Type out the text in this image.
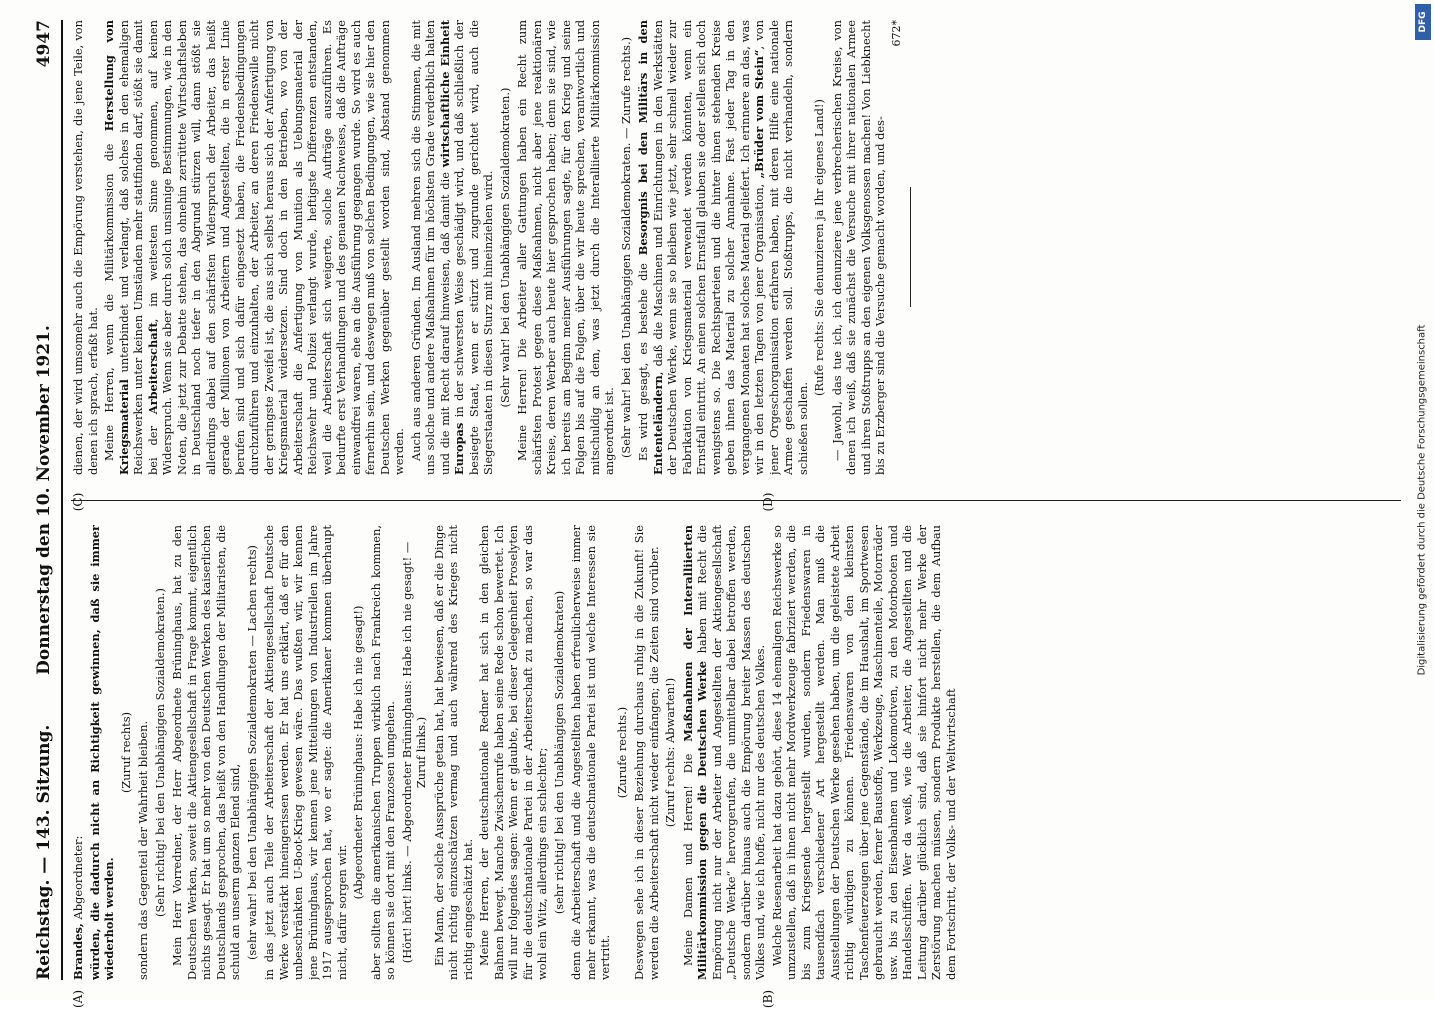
Reichstag. — 143. Sitzung.
Donnerstag den 10. November 1921.
4947

Brandes, Abgeordneter: würden, die dadurch nicht an Richtigkeit gewinnen, daß sie immer wiederholt werden.

(Zuruf rechts) sondern das Gegenteil der Wahrheit bleiben. (Sehr richtig! bei den Unabhängigen Sozialdemokraten.) Mein Herr Vorredner, der Herr Abgeordnete Brüninghaus, hat zu den Deutschen Werken, soweit die Aktiengesellschaft in Frage kommt, eigentlich nichts gesagt. Er hat um so mehr von den Deutschen Werken des kaiserlichen Deutschlands gesprochen, das heißt von den Handlungen der Militaristen, die schuld an unserm ganzen Elend sind, (sehr wahr! bei den Unabhängigen Sozialdemokraten — Lachen rechts) in das jetzt auch Teile der Arbeiterschaft der Aktiengesellschaft Deutsche Werke verstärkt hineingerissen werden. Er hat uns erklärt, daß er für den unbeschränkten U-Boot-Krieg gewesen wäre. Das wußten wir, wir kennen jene Brüninghaus, wir kennen jene Mitteilungen von Industriellen im Jahre 1917 ausgesprochen hat, wo er sagte: die Amerikaner kommen überhaupt nicht, dafür sorgen wir.

(Abgeordneter Brüninghaus: Habe ich nie gesagt!) aber sollten die amerikanischen Truppen wirklich nach Frankreich kommen, so können sie dort mit den Franzosen umgehen. (Hört! hört! links. — Abgeordneter Brüninghaus: Habe ich nie gesagt! — Zuruf links.) Ein Mann, der solche Aussprüche getan hat, hat bewiesen, daß er die Dinge nicht richtig einzuschätzen vermag und auch während des Krieges nicht richtig eingeschätzt hat. Meine Herren, der deutschnationale Redner hat sich in den gleichen Bahnen bewegt. Manche Zwischenrufe haben seine Rede schon bewertet. Ich will nur folgendes sagen: Wenn er glaubte, bei dieser Gelegenheit Proselyten für die deutschnationale Partei in der Arbeiterschaft zu machen, so war das wohl ein Witz, allerdings ein schlechter; (sehr richtig! bei den Unabhängigen Sozialdemokraten) denn die Arbeiterschaft und die Angestellten haben erfreulicherweise immer mehr erkannt, was die deutschnationale Partei ist und welche Interessen sie vertritt.

(Zurufe rechts.) Deswegen sehe ich in dieser Beziehung durchaus ruhig in die Zukunft! Sie werden die Arbeiterschaft nicht wieder einfangen; die Zeiten sind vorüber. (Zuruf rechts: Abwarten!)

Meine Damen und Herren! Die Maßnahmen der Interalliierten Militärkommission gegen die Deutschen Werke haben mit Recht die Empörung nicht nur der Arbeiter und Angestellten der Aktiengesellschaft „Deutsche Werke“ hervorgerufen, die unmittelbar dabei betroffen werden, sondern darüber hinaus auch die Empörung breiter Massen des deutschen Volkes und, wie ich hoffe, nicht nur des deutschen Volkes. Welche Riesenarbeit hat dazu gehört, diese 14 ehemaligen Reichswerke so umzustellen, daß in ihnen nicht mehr Mordwerkzeuge fabriziert werden, die bis zum Kriegsende hergestellt wurden, sondern Friedenswaren in tausendfach verschiedener Art hergestellt werden. Man muß die Ausstellungen der Deutschen Werke gesehen haben, um die geleistete Arbeit richtig würdigen zu können. Friedenswaren von den kleinsten Taschenfeuerzeugen über jene Gegenstände, die im Haushalt, im Sportwesen gebraucht werden, ferner Baustoffe, Werkzeuge, Maschinenteile, Motorräder usw. bis zu den Eisenbahnen und Lokomotiven, zu den Motorbooten und Handelsschiffen. Wer da weiß, wie die Arbeiter, die Angestellten und die Leitung darüber glücklich sind, daß sie hinfort nicht mehr Werke der Zerstörung machen müssen, sondern Produkte herstellen, die dem Aufbau dem Fortschritt, der Volks- und der Weltwirtschaft

dienen, der wird umsomehr auch die Empörung verstehen, die jene Teile, von denen ich sprach, erfaßt hat. Meine Herren, wenn die Militärkommission die Herstellung von Kriegsmaterial unterbindet und verlangt, daß solches in den ehemaligen Reichswerken unter keinen Umständen mehr stattfinden darf, stößt sie damit bei der Arbeiterschaft, im weitesten Sinne genommen, auf keinen Widerspruch. Wenn sie aber durch solch unsinnige Bestimmungen, wie in den Noten, die jetzt zur Debatte stehen, das ohnehin zerrüttete Wirtschaftsleben in Deutschland noch tiefer in den Abgrund stürzen will, dann stößt sie allerdings dabei auf den schärfsten Widerspruch der Arbeiter, das heißt gerade der Millionen von Arbeitern und Angestellten, die in erster Linie berufen sind und sich dafür eingesetzt haben, die Friedensbedingungen durchzuführen und einzuhalten, der Arbeiter, an deren Friedenswille nicht der geringste Zweifel ist, die aus sich selbst heraus sich der Anfertigung von Kriegsmaterial widersetzen. Sind doch in den Betrieben, wo von der Arbeiterschaft die Anfertigung von Munition als Uebungsmaterial der Reichswehr und Polizei verlangt wurde, heftigste Differenzen entstanden, weil die Arbeiterschaft sich weigerte, solche Aufträge auszuführen. Es bedurfte erst Verhandlungen und des genauen Nachweises, daß die Aufträge einwandfrei waren, ehe an die Ausführung gegangen wurde. So wird es auch fernerhin sein, und deswegen muß von solchen Bedingungen, wie sie hier den Deutschen Werken gegenüber gestellt worden sind, Abstand genommen werden. Auch aus anderen Gründen. Im Ausland mehren sich die Stimmen, die mit uns solche und andere Maßnahmen für im höchsten Grade verderblich halten und die mit Recht darauf hinweisen, daß damit die wirtschaftliche Einheit Europas in der schwersten Weise geschädigt wird, und daß schließlich der besiegte Staat, wenn er stürzt und zugrunde gerichtet wird, auch die Siegerstaaten in diesen Sturz mit hineinziehen wird. (Sehr wahr! bei den Unabhängigen Sozialdemokraten.) Meine Herren! Die Arbeiter aller Gattungen haben ein Recht zum schärfsten Protest gegen diese Maßnahmen, nicht aber jene reaktionären Kreise, deren Werber auch heute hier gesprochen haben; denn sie sind, wie ich bereits am Beginn meiner Ausführungen sagte, für den Krieg und seine Folgen bis auf die Folgen, über die wir heute sprechen, verantwortlich und mitschuldig an dem, was jetzt durch die Interalliierte Militärkommission angeordnet ist. (Sehr wahr! bei den Unabhängigen Sozialdemokraten. — Zurufe rechts.) Es wird gesagt, es bestehe die Besorgnis bei den Militärs in den Ententeländern, daß die Maschinen und Einrichtungen in den Werkstätten der Deutschen Werke, wenn sie so bleiben wie jetzt, sehr schnell wieder zur Fabrikation von Kriegsmaterial verwendet werden könnten, wenn ein Ernstfall eintritt. An einen solchen Ernstfall glauben sie oder stellen sich doch wenigstens so. Die Rechtsparteien und die hinter ihnen stehenden Kreise geben ihnen das Material zu solcher Annahme. Fast jeder Tag in den vergangenen Monaten hat solches Material geliefert. Ich erinnere an das, was wir in den letzten Tagen von jener Organisation, „Brüder vom Stein“, von jener Orgeschorganisation erfahren haben, mit deren Hilfe eine nationale Armee geschaffen werden soll. Stoßtrupps, die nicht verhandeln, sondern schießen sollen.

(Rufe rechts: Sie denunzieren ja Ihr eigenes Land!) — Jawohl, das tue ich, ich denunziere jene verbrecherischen Kreise, von denen ich weiß, daß sie zunächst die Versuche mit ihrer nationalen Armee und ihren Stoßtrupps an den eigenen Volksgenossen machen! Von Liebknecht bis zu Erzberger sind die Versuche gemacht worden, und des-

672*

(A)	(B)
(C)	(D)	Digitalisierung gefördert durch die Deutsche Forschungsgemeinschaft
DFG
